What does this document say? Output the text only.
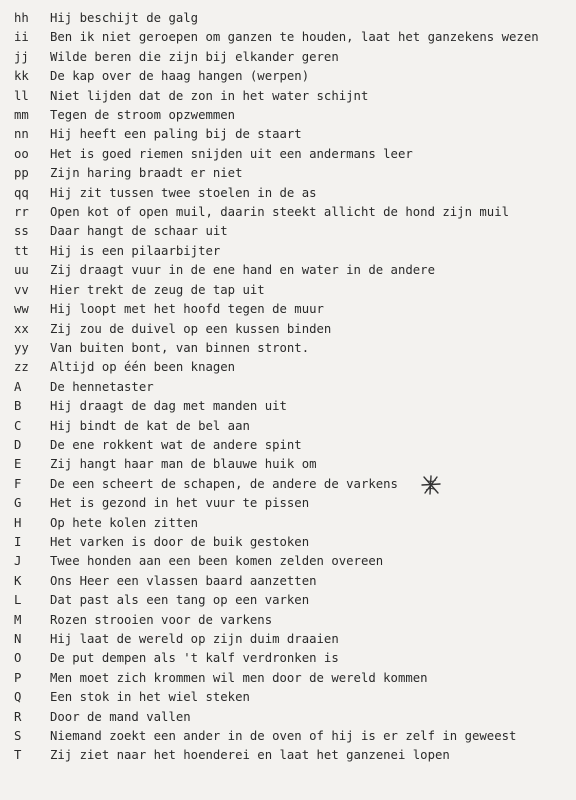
hh	Hij beschijt de galg
ii	Ben ik niet geroepen om ganzen te houden, laat het ganzekens wezen
jj	Wilde beren die zijn bij elkander geren
kk	De kap over de haag hangen (werpen)
ll	Niet lijden dat de zon in het water schijnt
mm	Tegen de stroom opzwemmen
nn	Hij heeft een paling bij de staart
oo	Het is goed riemen snijden uit een andermans leer
pp	Zijn haring braadt er niet
qq	Hij zit tussen twee stoelen in de as
rr	Open kot of open muil, daarin steekt allicht de hond zijn muil
ss	Daar hangt de schaar uit
tt	Hij is een pilaarbijter
uu	Zij draagt vuur in de ene hand en water in de andere
vv	Hier trekt de zeug de tap uit
ww	Hij loopt met het hoofd tegen de muur
xx	Zij zou de duivel op een kussen binden
yy	Van buiten bont, van binnen stront.
zz	Altijd op één been knagen
A	De hennetaster
B	Hij draagt de dag met manden uit
C	Hij bindt de kat de bel aan
D	De ene rokkent wat de andere spint
E	Zij hangt haar man de blauwe huik om
F	De een scheert de schapen, de andere de varkens
G	Het is gezond in het vuur te pissen
H	Op hete kolen zitten
I	Het varken is door de buik gestoken
J	Twee honden aan een been komen zelden overeen
K	Ons Heer een vlassen baard aanzetten
L	Dat past als een tang op een varken
M	Rozen strooien voor de varkens
N	Hij laat de wereld op zijn duim draaien
O	De put dempen als 't kalf verdronken is
P	Men moet zich krommen wil men door de wereld kommen
Q	Een stok in het wiel steken
R	Door de mand vallen
S	Niemand zoekt een ander in de oven of hij is er zelf in geweest
T	Zij ziet naar het hoenderei en laat het ganzenei lopen
